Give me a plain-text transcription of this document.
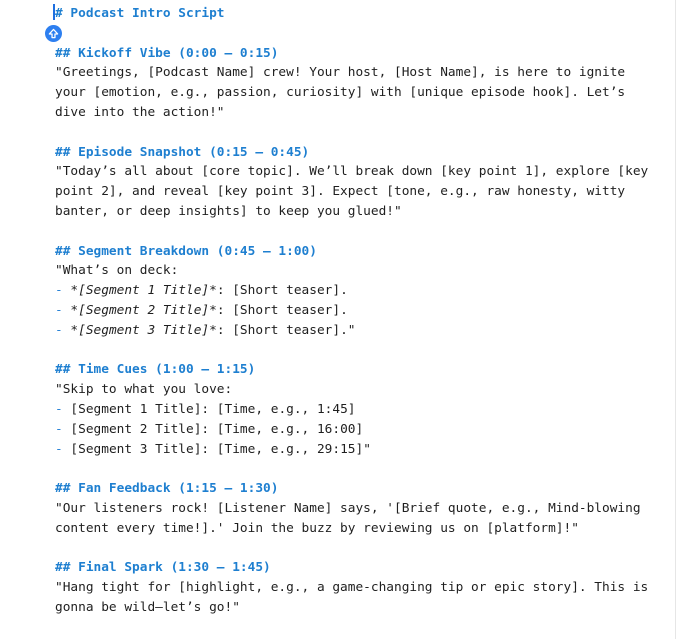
# Podcast Intro Script
## Kickoff Vibe (0:00 – 0:15)
"Greetings, [Podcast Name] crew! Your host, [Host Name], is here to ignite
your [emotion, e.g., passion, curiosity] with [unique episode hook]. Let’s
dive into the action!"
## Episode Snapshot (0:15 – 0:45)
"Today’s all about [core topic]. We’ll break down [key point 1], explore [key
point 2], and reveal [key point 3]. Expect [tone, e.g., raw honesty, witty
banter, or deep insights] to keep you glued!"
## Segment Breakdown (0:45 – 1:00)
"What’s on deck:
- *[Segment 1 Title]*: [Short teaser].
- *[Segment 2 Title]*: [Short teaser].
- *[Segment 3 Title]*: [Short teaser]."
## Time Cues (1:00 – 1:15)
"Skip to what you love:
- [Segment 1 Title]: [Time, e.g., 1:45]
- [Segment 2 Title]: [Time, e.g., 16:00]
- [Segment 3 Title]: [Time, e.g., 29:15]"
## Fan Feedback (1:15 – 1:30)
"Our listeners rock! [Listener Name] says, '[Brief quote, e.g., Mind-blowing
content every time!].' Join the buzz by reviewing us on [platform]!"
## Final Spark (1:30 – 1:45)
"Hang tight for [highlight, e.g., a game-changing tip or epic story]. This is
gonna be wild—let’s go!"
